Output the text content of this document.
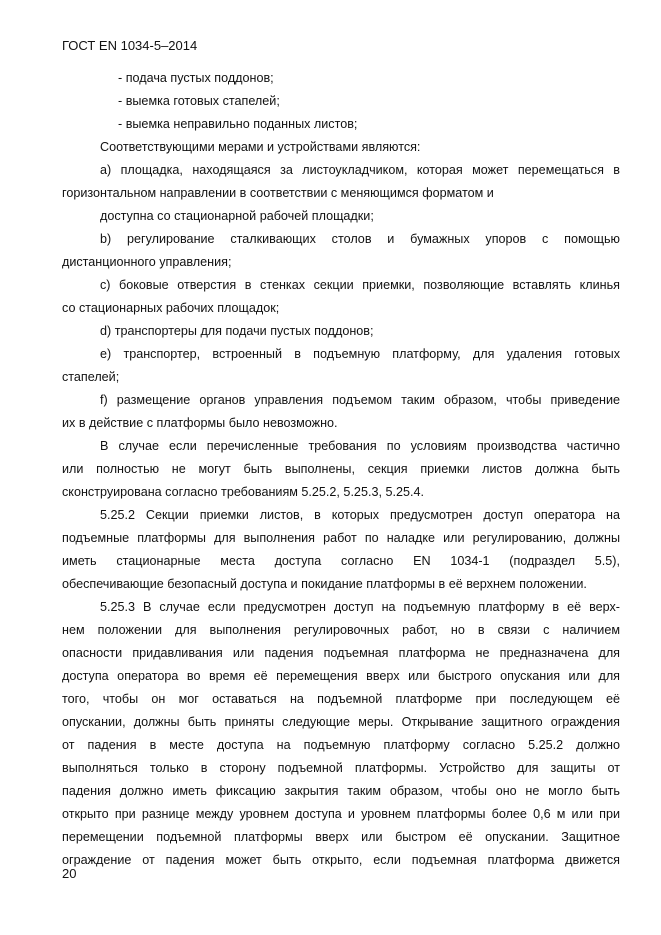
ГОСТ EN 1034-5–2014
- подача пустых поддонов;
- выемка готовых стапелей;
- выемка неправильно поданных листов;
Соответствующими мерами и устройствами являются:
а) площадка, находящаяся за листоукладчиком, которая может перемещаться в
горизонтальном направлении в соответствии с меняющимся форматом и
доступна со стационарной рабочей площадки;
b) регулирование сталкивающих столов и бумажных упоров с помощью
дистанционного управления;
c) боковые отверстия в стенках секции приемки, позволяющие вставлять клинья
со стационарных рабочих площадок;
d) транспортеры для подачи пустых поддонов;
е) транспортер, встроенный в подъемную платформу, для удаления готовых
стапелей;
f) размещение органов управления подъемом таким образом, чтобы приведение
их в действие с платформы было невозможно.
В случае если перечисленные требования по условиям производства частично
или полностью не могут быть выполнены, секция приемки листов должна быть
сконструирована согласно требованиям 5.25.2, 5.25.3, 5.25.4.
5.25.2 Секции приемки листов, в которых предусмотрен доступ оператора на
подъемные платформы для выполнения работ по наладке или регулированию, должны
иметь стационарные места доступа согласно EN 1034-1 (подраздел 5.5),
обеспечивающие безопасный доступа и покидание платформы в её верхнем положении.
5.25.3 В случае если предусмотрен доступ на подъемную платформу в её верх-
нем положении для выполнения регулировочных работ, но в связи с наличием
опасности придавливания или падения подъемная платформа не предназначена для
доступа оператора во время её перемещения вверх или быстрого опускания или для
того, чтобы он мог оставаться на подъемной платформе при последующем её
опускании, должны быть приняты следующие меры. Открывание защитного ограждения
от падения в месте доступа на подъемную платформу согласно 5.25.2 должно
выполняться только в сторону подъемной платформы. Устройство для защиты от
падения должно иметь фиксацию закрытия таким образом, чтобы оно не могло быть
открыто при разнице между уровнем доступа и уровнем платформы более 0,6 м или при
перемещении подъемной платформы вверх или быстром её опускании. Защитное
ограждение от падения может быть открыто, если подъемная платформа движется
20
